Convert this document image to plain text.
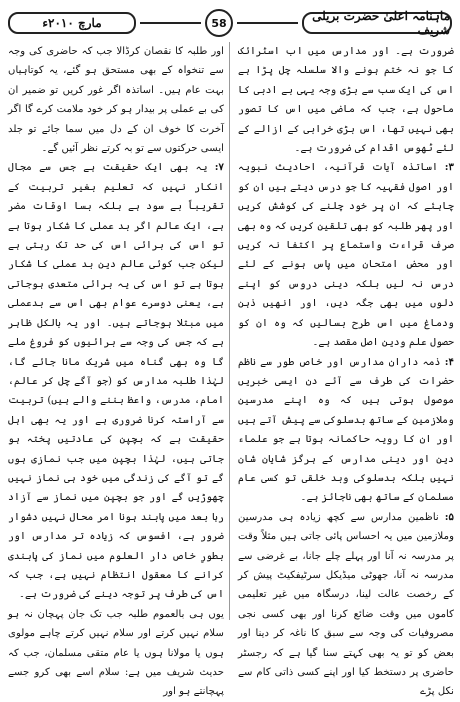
مارچ ۲۰۱۰ء	58	ماہنامہ اعلیٰ حضرت بریلی شریف

ضرورت ہے۔ اور مدارس میں اب اسٹرائک کا جو نہ ختم ہونے والا سلسلہ چل پڑا ہے اس کی ایک سب سے بڑی وجہ یہی بے ادبی کا ماحول ہے، جب کہ ماضی میں اس کا تصور بھی نہیں تھا، اس بڑی خرابی کے ازالے کے لئے ٹھوس اقدام کی ضرورت ہے۔

۳: اساتذہ آیات قرآنیہ، احادیث نبویہ اور اصول فقہیہ کا جو درس دیتے ہیں ان کو چاہئے کہ ان پر خود چلنے کی کوشش کریں اور پھر طلبہ کو بھی تلقین کریں کہ وہ بھی صرف قراءت واستماع پر اکتفا نہ کریں اور محض امتحان میں پاس ہونے کے لئے درس نہ لیں بلکہ دینی دروس کو اپنے دلوں میں بھی جگہ دیں، اور انھیں ذہن ودماغ میں اس طرح بسالیں کہ وہ ان کو حصول علم ودین اصل مقصد ہے۔

۴: ذمہ داران مدارس اور خاص طور سے ناظم حضرات کی طرف سے آئے دن ایسی خبریں موصول ہوتی ہیں کہ وہ اپنے مدرسین وملازمین کے ساتھ بدسلوکی سے پیش آتے ہیں اور ان کا رویہ حاکمانہ ہوتا ہے جو علماء دین اور دینی مدارس کے ہرگز شایان شان نہیں بلکہ بدسلوکی وبد خلقی تو کسی عام مسلمان کے ساتھ بھی ناجائز ہے۔

۵: ناظمین مدارس سے کچھ زیادہ ہی مدرسین وملازمین میں یہ احساس پائی جاتی ہیں مثلاً وقت پر مدرسہ نہ آنا اور پہلے چلے جانا، بے غرضی سے مدرسہ نہ آنا، جھوٹی میڈیکل سرٹیفکیٹ پیش کر کے رخصت عالت لینا، درسگاہ میں غیر تعلیمی کاموں میں وقت ضائع کرنا اور بھی کسی نجی مصروفیات کی وجہ سے سبق کا ناغہ کر دینا اور بعض کو تو یہ بھی کہتے سنا گیا ہے کہ رجسٹر حاضری پر دستخط کیا اور اپنے کسی ذاتی کام سے نکل پڑے

اور طلبہ کا نقصان کرڈالا جب کہ حاضری کی وجہ سے تنخواہ کے بھی مستحق ہو گئے، یہ کوتاہیاں بہت عام ہیں۔ اساتذہ اگر غور کریں تو ضمیر ان کی بے عملی پر بیدار ہو کر خود ملامت کرے گا اگر آخرت کا خوف ان کے دل میں سما جائے تو جلد ایسی حرکتوں سے تو بہ کرتے نظر آئیں گے۔

۷: یہ بھی ایک حقیقت ہے جس سے مجال انکار نہیں کہ تعلیم بغیر تربیت کے تقریباً بے سود ہے بلکہ بسا اوقات مضر ہے، ایک عالم اگر بد عملی کا شکار ہوتا ہے تو اس کی برائی اس کی حد تک رہتی ہے لیکن جب کوئی عالم دین بد عملی کا شکار ہوتا ہے تو اس کی یہ برائی متعدی ہوجاتی ہے، یعنی دوسرے عوام بھی اس سے بدعملی میں مبتلا ہوجاتے ہیں۔ اور یہ بالکل ظاہر ہے کہ جس کی وجہ سے برائیوں کو فروغ ملے گا وہ بھی گناہ میں شریک مانا جائے گا، لہٰذا طلبہ مدارس کو (جو آگے چل کر عالم، امام، مدرس، واعظ بننے والے ہیں) تربیت سے آراستہ کرنا ضروری ہے اور یہ بھی اہل حقیقت ہے کہ بچپن کی عادتیں پختہ ہو جاتی ہیں، لہٰذا بچپن میں جب نمازی ہوں گے تو آگے کی زندگی میں خود ہی نماز نہیں چھوڑیں گے اور جو بچپن میں نماز سے آزاد رہا بعد میں پابند ہونا امر محال نہیں دشوار ضرور ہے، افسوس کہ زیادہ تر مدارس اور بطورِ خاص دار العلوم میں نماز کی پابندی کرانے کا معقول انتظام نہیں ہے، جب کہ اس کی طرف پر توجہ دینے کی ضرورت ہے۔

یوں ہی بالعموم طلبہ جب تک جان پہچان نہ ہو سلام نہیں کرتے اور سلام نہیں کرتے چاہے مولوی ہوں یا مولانا ہوں یا عام متقی مسلمان، جب کہ حدیث شریف میں ہے: سلام اسے بھی کرو جسے پہچانتے ہو اور
